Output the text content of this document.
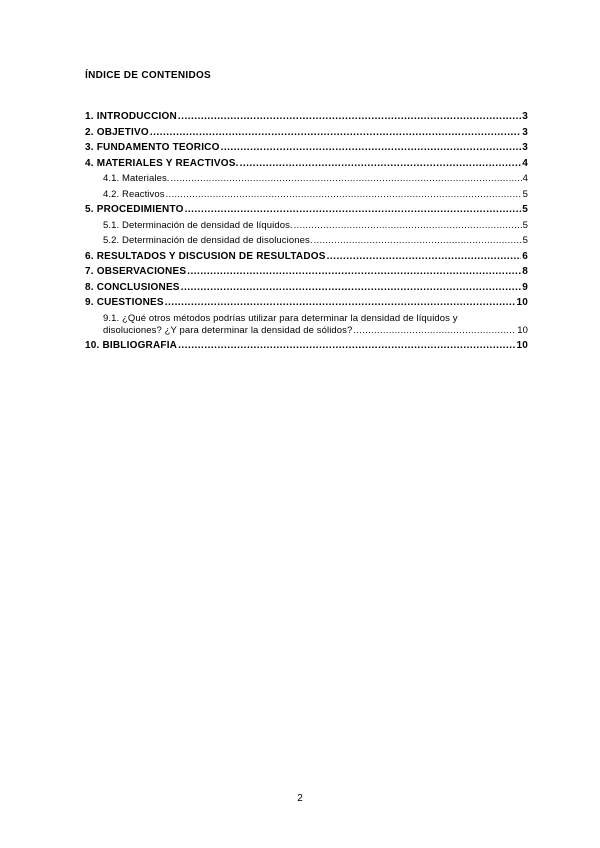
ÍNDICE DE CONTENIDOS
1. INTRODUCCIÓN .....	3
2. OBJETIVO .....	3
3. FUNDAMENTO TEÓRICO .....	3
4. MATERIALES Y REACTIVOS. .....	4
4.1. Materiales. .....	4
4.2. Reactivos .....	5
5. PROCEDIMIENTO .....	5
5.1. Determinación de densidad de líquidos. .....	5
5.2. Determinación de densidad de disoluciones. .....	5
6. RESULTADOS Y DISCUSIÓN DE RESULTADOS .....	6
7. OBSERVACIONES .....	8
8. CONCLUSIONES .....	9
9. CUESTIONES .....	10
9.1. ¿Qué otros métodos podrías utilizar para determinar la densidad de líquidos y
disoluciones? ¿Y para determinar la densidad de sólidos? .....	10
10. BIBLIOGRAFÍA .....	10
2
